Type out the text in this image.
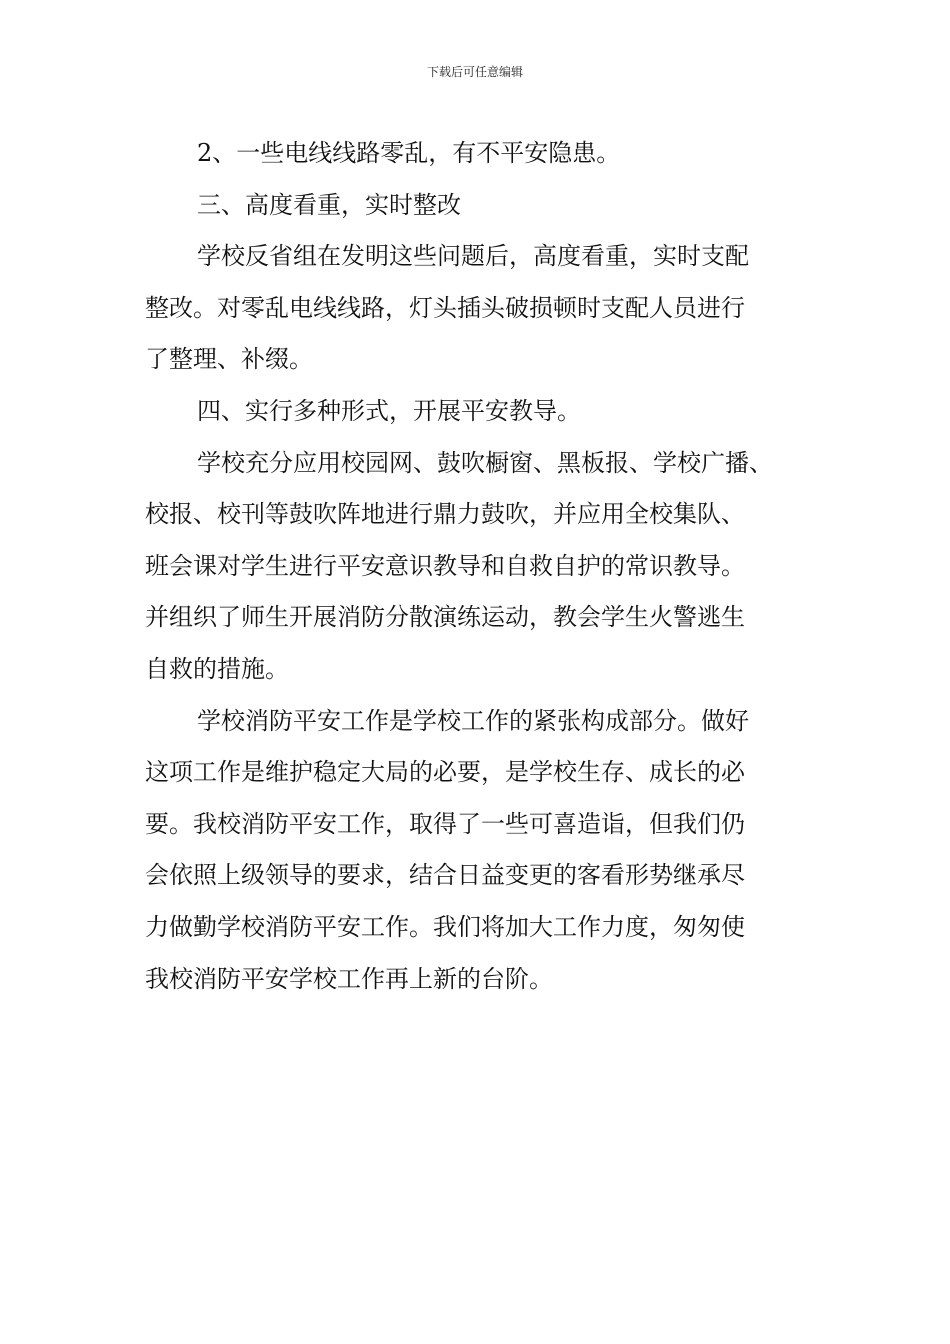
下载后可任意编辑
2、一些电线线路零乱，有不平安隐患。
三、高度看重，实时整改
学校反省组在发明这些问题后，高度看重，实时支配
整改。对零乱电线线路，灯头插头破损顿时支配人员进行
了整理、补缀。
四、实行多种形式，开展平安教导。
学校充分应用校园网、鼓吹橱窗、黑板报、学校广播、
校报、校刊等鼓吹阵地进行鼎力鼓吹，并应用全校集队、
班会课对学生进行平安意识教导和自救自护的常识教导。
并组织了师生开展消防分散演练运动，教会学生火警逃生
自救的措施。
学校消防平安工作是学校工作的紧张构成部分。做好
这项工作是维护稳定大局的必要，是学校生存、成长的必
要。我校消防平安工作，取得了一些可喜造诣，但我们仍
会依照上级领导的要求，结合日益变更的客看形势继承尽
力做勤学校消防平安工作。我们将加大工作力度，匆匆使
我校消防平安学校工作再上新的台阶。
